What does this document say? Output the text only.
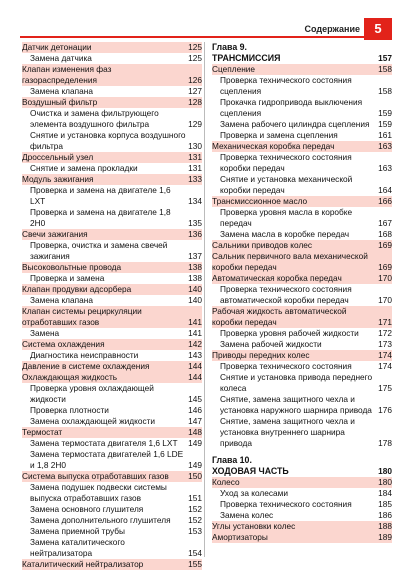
Содержание	5
Датчик детонации	125
Замена датчика	125
Клапан изменения фаз газораспределения	126
Замена клапана	127
Воздушный фильтр	128
Очистка и замена фильтрующего элемента воздушного фильтра	129
Снятие и установка корпуса воздушного фильтра	130
Дроссельный узел	131
Снятие и замена прокладки	131
Модуль зажигания	133
Проверка и замена на двигателе 1,6 LXT	134
Проверка и замена на двигателе 1,8 2H0	135
Свечи зажигания	136
Проверка, очистка и замена свечей зажигания	137
Высоковольтные провода	138
Проверка и замена	138
Клапан продувки адсорбера	140
Замена клапана	140
Клапан системы рециркуляции отработавших газов	141
Замена	141
Система охлаждения	142
Диагностика неисправности	143
Давление в системе охлаждения	144
Охлаждающая жидкость	144
Проверка уровня охлаждающей жидкости	145
Проверка плотности	146
Замена охлаждающей жидкости	147
Термостат	148
Замена термостата двигателя 1,6 LXT 149
Замена термостата двигателей 1,6 LDE и 1,8 2H0	149
Система выпуска отработавших газов 150
Замена подушек подвески системы выпуска отработавших газов	151
Замена основного глушителя	152
Замена дополнительного глушителя 152
Замена приемной трубы	153
Замена каталитического нейтрализатора	154
Каталитический нейтрализатор	155
Глава 9.
ТРАНСМИССИЯ	157
Сцепление	158
Проверка технического состояния сцепления	158
Прокачка гидропривода выключения сцепления	159
Замена рабочего цилиндра сцепления 159
Проверка и замена сцепления	161
Механическая коробка передач	163
Проверка технического состояния коробки передач	163
Снятие и установка механической коробки передач	164
Трансмиссионное масло	166
Проверка уровня масла в коробке передач	167
Замена масла в коробке передач	168
Сальники приводов колес	169
Сальник первичного вала механической коробки передач	169
Автоматическая коробка передач	170
Проверка технического состояния автоматической коробки передач	170
Рабочая жидкость автоматической коробки передач	171
Проверка уровня рабочей жидкости 172
Замена рабочей жидкости	173
Приводы передних колес	174
Проверка технического состояния	174
Снятие и установка привода переднего колеса	175
Снятие, замена защитного чехла и установка наружного шарнира привода 176
Снятие, замена защитного чехла и установка внутреннего шарнира привода	178
Глава 10.
ХОДОВАЯ ЧАСТЬ	180
Колесо	180
Уход за колесами	184
Проверка технического состояния	185
Замена колес	186
Углы установки колес	188
Амортизаторы	189
